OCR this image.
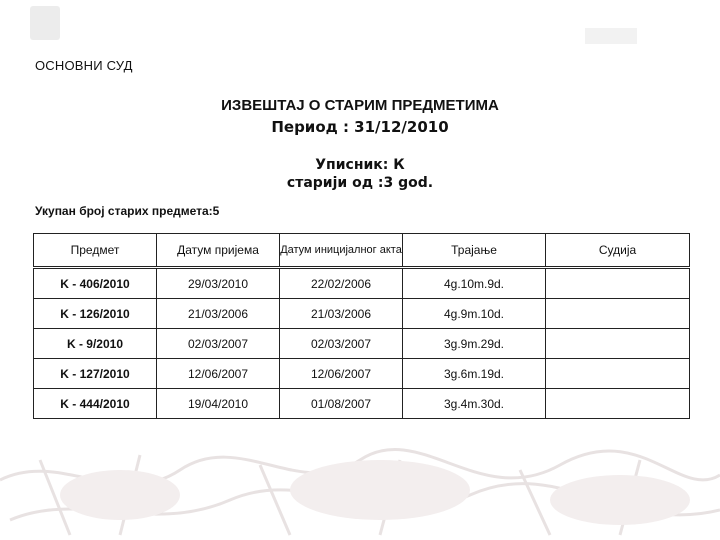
ОСНОВНИ СУД
ИЗВЕШТАЈ О СТАРИМ ПРЕДМЕТИМА
Период : 31/12/2010
Уписник: К
старији од :3 god.
Укупан број старих предмета:5
Предмет	Датум пријема	Датум иницијалног акта	Трајање	Судија
K - 406/2010	29/03/2010	22/02/2006	4g.10m.9d.	
K - 126/2010	21/03/2006	21/03/2006	4g.9m.10d.	
K - 9/2010	02/03/2007	02/03/2007	3g.9m.29d.	
K - 127/2010	12/06/2007	12/06/2007	3g.6m.19d.	
K - 444/2010	19/04/2010	01/08/2007	3g.4m.30d.	
